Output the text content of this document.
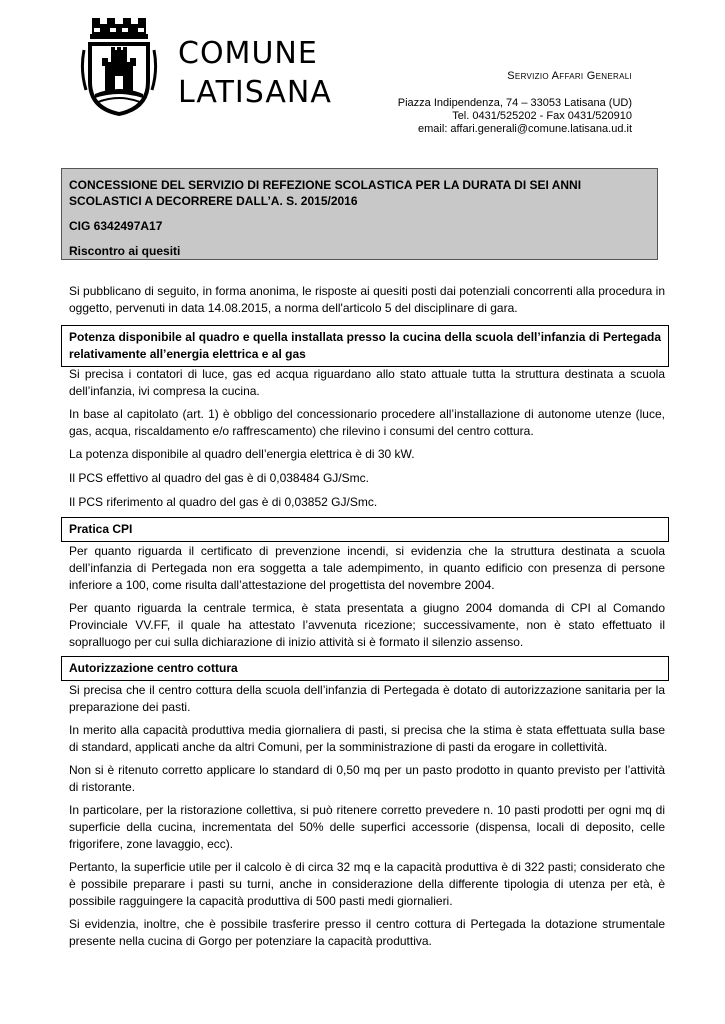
COMUNE
LATISANA	Servizio Affari Generali
Piazza Indipendenza, 74 – 33053 Latisana (UD)
Tel. 0431/525202 - Fax 0431/520910
email: affari.generali@comune.latisana.ud.it
CONCESSIONE DEL SERVIZIO DI REFEZIONE SCOLASTICA PER LA DURATA DI SEI ANNI SCOLASTICI A DECORRERE DALL’A. S. 2015/2016
CIG 6342497A17
Riscontro ai quesiti
Si pubblicano di seguito, in forma anonima, le risposte ai quesiti posti dai potenziali concorrenti alla procedura in oggetto, pervenuti in data 14.08.2015, a norma dell'articolo 5 del disciplinare di gara.
Potenza disponibile al quadro e quella installata presso la cucina della scuola dell’infanzia di Pertegada relativamente all’energia elettrica e al gas
Si precisa i contatori di luce, gas ed acqua riguardano allo stato attuale tutta la struttura destinata a scuola dell’infanzia, ivi compresa la cucina.
In base al capitolato (art. 1) è obbligo del concessionario procedere all’installazione di autonome utenze (luce, gas, acqua, riscaldamento e/o raffrescamento) che rilevino i consumi del centro cottura.
La potenza disponibile al quadro dell’energia elettrica è di 30 kW.
Il PCS effettivo al quadro del gas è di 0,038484 GJ/Smc.
Il PCS riferimento al quadro del gas è di 0,03852 GJ/Smc.
Pratica CPI
Per quanto riguarda il certificato di prevenzione incendi, si evidenzia che la struttura destinata a scuola dell’infanzia di Pertegada non era soggetta a tale adempimento, in quanto edificio con presenza di persone inferiore a 100, come risulta dall’attestazione del progettista del novembre 2004.
Per quanto riguarda la centrale termica, è stata presentata a giugno 2004 domanda di CPI al Comando Provinciale VV.FF, il quale ha attestato l’avvenuta ricezione; successivamente, non è stato effettuato il sopralluogo per cui sulla dichiarazione di inizio attività si è formato il silenzio assenso.
Autorizzazione centro cottura
Si precisa che il centro cottura della scuola dell’infanzia di Pertegada è dotato di autorizzazione sanitaria per la preparazione dei pasti.
In merito alla capacità produttiva media giornaliera di pasti, si precisa che la stima è stata effettuata sulla base di standard, applicati anche da altri Comuni, per la somministrazione di pasti da erogare in collettività.
Non si è ritenuto corretto applicare lo standard di 0,50 mq per un pasto prodotto in quanto previsto per l’attività di ristorante.
In particolare, per la ristorazione collettiva, si può ritenere corretto prevedere n. 10 pasti prodotti per ogni mq di superficie della cucina, incrementata del 50% delle superfici accessorie (dispensa, locali di deposito, celle frigorifere, zone lavaggio, ecc).
Pertanto, la superficie utile per il calcolo è di circa 32 mq e la capacità produttiva è di 322 pasti; considerato che è possibile preparare i pasti su turni, anche in considerazione della differente tipologia di utenza per età, è possibile ragguingere la capacità produttiva di 500 pasti medi giornalieri.
Si evidenzia, inoltre, che è possibile trasferire presso il centro cottura di Pertegada la dotazione strumentale presente nella cucina di Gorgo per potenziare la capacità produttiva.
